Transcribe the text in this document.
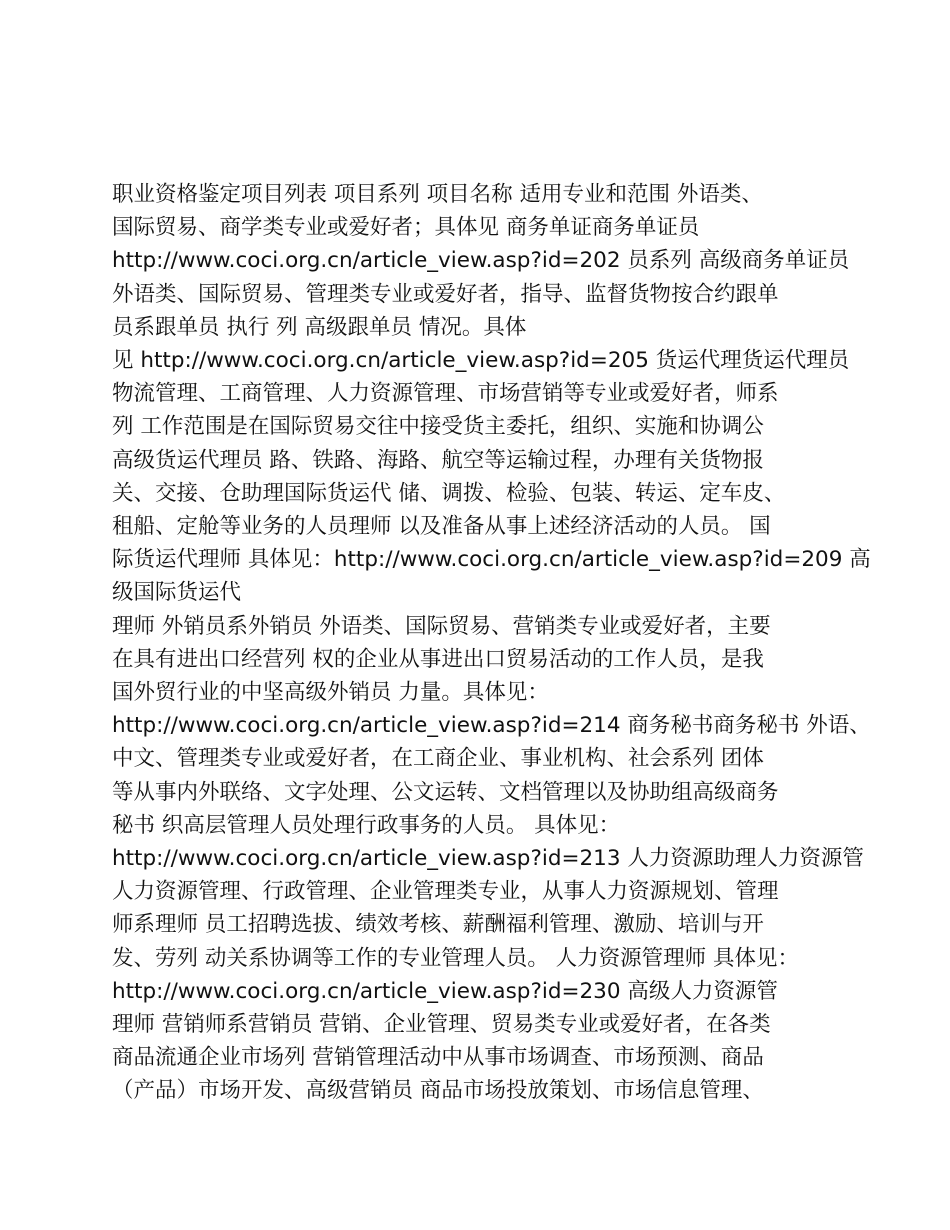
职业资格鉴定项目列表 项目系列 项目名称 适用专业和范围 外语类、
国际贸易、商学类专业或爱好者；具体见 商务单证商务单证员
http://www.coci.org.cn/article_view.asp?id=202 员系列 高级商务单证员
外语类、国际贸易、管理类专业或爱好者，指导、监督货物按合约跟单
员系跟单员 执行 列 高级跟单员 情况。具体
见 http://www.coci.org.cn/article_view.asp?id=205 货运代理货运代理员
物流管理、工商管理、人力资源管理、市场营销等专业或爱好者，师系
列 工作范围是在国际贸易交往中接受货主委托，组织、实施和协调公
高级货运代理员 路、铁路、海路、航空等运输过程，办理有关货物报
关、交接、仓助理国际货运代 储、调拨、检验、包装、转运、定车皮、
租船、定舱等业务的人员理师 以及准备从事上述经济活动的人员。 国
际货运代理师 具体见：http://www.coci.org.cn/article_view.asp?id=209 高
级国际货运代
理师 外销员系外销员 外语类、国际贸易、营销类专业或爱好者，主要
在具有进出口经营列 权的企业从事进出口贸易活动的工作人员，是我
国外贸行业的中坚高级外销员 力量。具体见：
http://www.coci.org.cn/article_view.asp?id=214 商务秘书商务秘书 外语、
中文、管理类专业或爱好者，在工商企业、事业机构、社会系列 团体
等从事内外联络、文字处理、公文运转、文档管理以及协助组高级商务
秘书 织高层管理人员处理行政事务的人员。 具体见：
http://www.coci.org.cn/article_view.asp?id=213 人力资源助理人力资源管
人力资源管理、行政管理、企业管理类专业，从事人力资源规划、管理
师系理师 员工招聘选拔、绩效考核、薪酬福利管理、激励、培训与开
发、劳列 动关系协调等工作的专业管理人员。 人力资源管理师 具体见：
http://www.coci.org.cn/article_view.asp?id=230 高级人力资源管
理师 营销师系营销员 营销、企业管理、贸易类专业或爱好者，在各类
商品流通企业市场列 营销管理活动中从事市场调查、市场预测、商品
（产品）市场开发、高级营销员 商品市场投放策划、市场信息管理、
